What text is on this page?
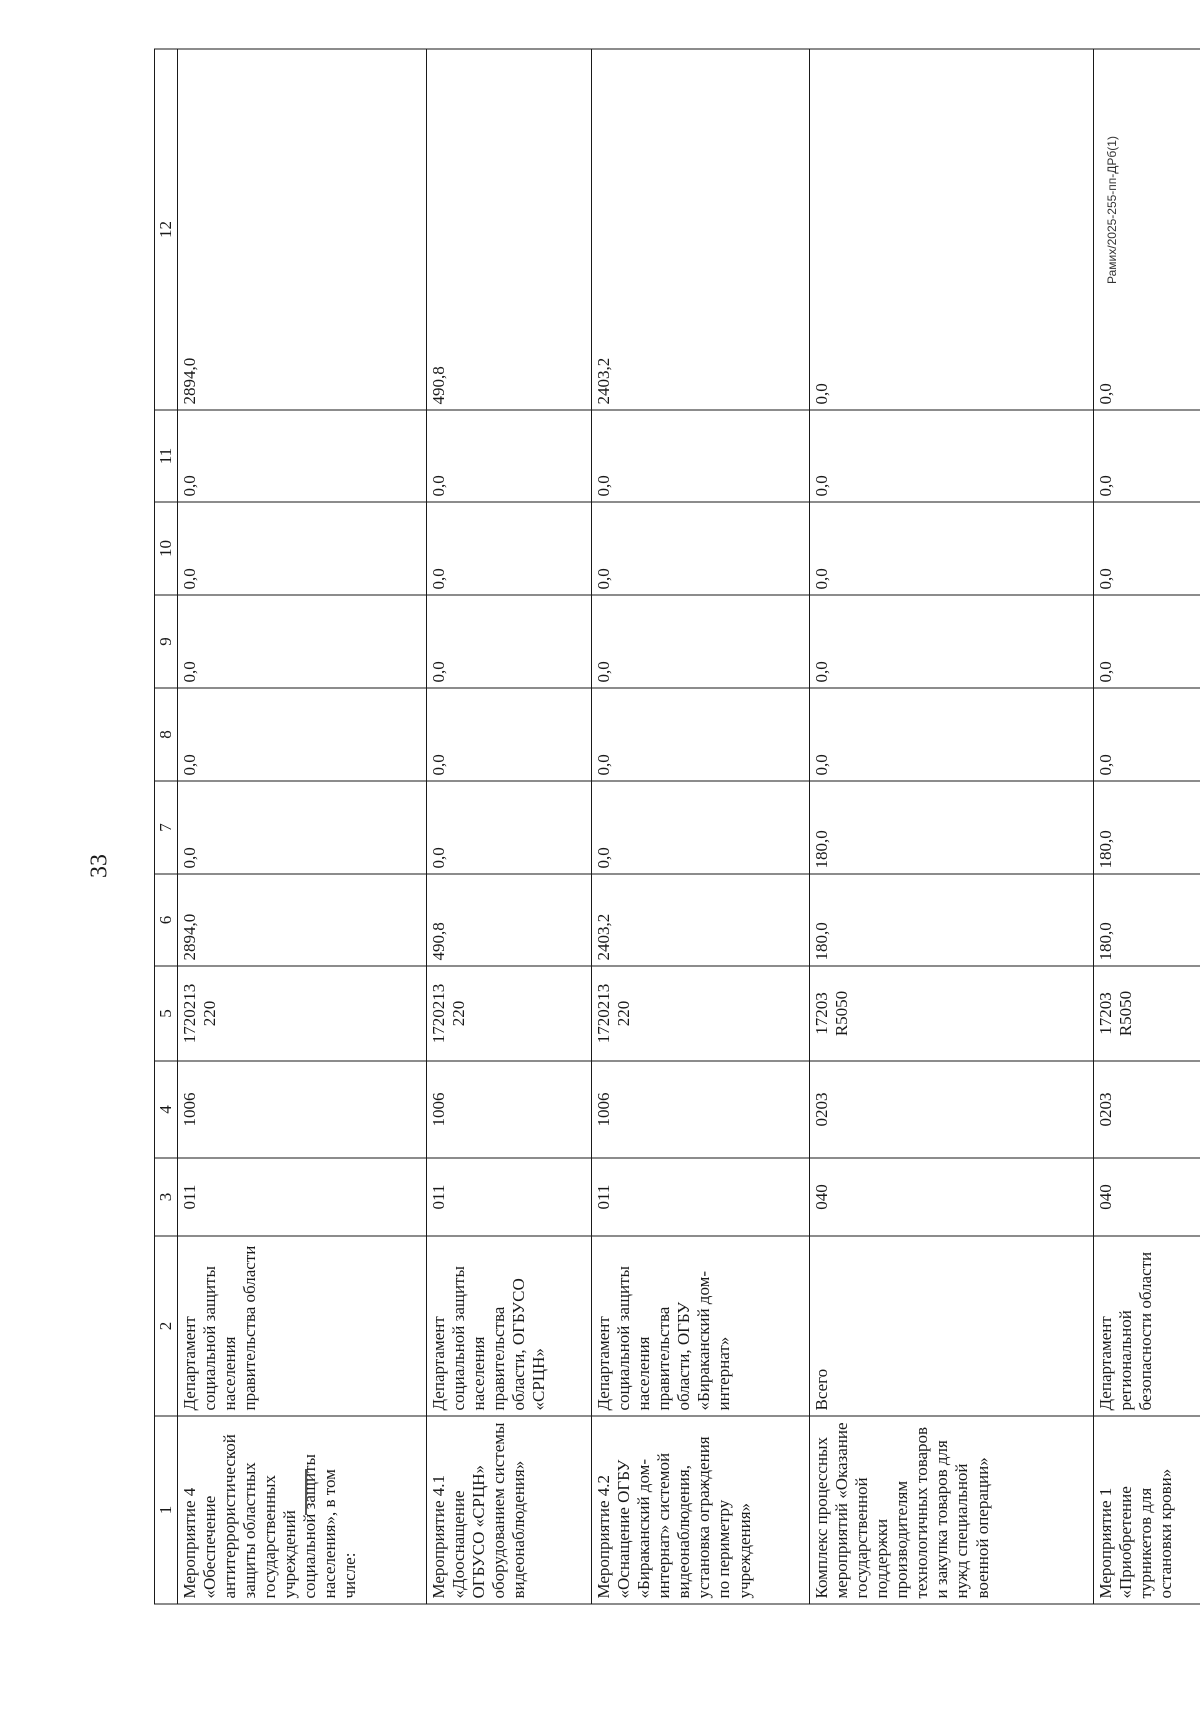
33
Рамих/2025-255-пп-ДРб(1)
1	2	3	4	5	6	7	8	9	10	11	12
Мероприятие 4 «Обеспечение антитеррористической защиты областных государственных учреждений социальной защиты населения», в том числе:	Департамент социальной защиты населения правительства области	011	1006	1720213 220	2894,0	0,0	0,0	0,0	0,0	0,0	2894,0
Мероприятие 4.1 «Дооснащение ОГБУСО «СРЦН» оборудованием системы видеонаблюдения»	Департамент социальной защиты населения правительства области, ОГБУСО «СРЦН»	011	1006	1720213 220	490,8	0,0	0,0	0,0	0,0	0,0	490,8
Мероприятие 4.2 «Оснащение ОГБУ «Бираканский дом-интернат» системой видеонаблюдения, установка ограждения по периметру учреждения»	Департамент социальной защиты населения правительства области, ОГБУ «Бираканский дом-интернат»	011	1006	1720213 220	2403,2	0,0	0,0	0,0	0,0	0,0	2403,2
Комплекс процессных мероприятий «Оказание государственной поддержки производителям технологичных товаров и закупка товаров для нужд специальной военной операции»	Всего	040	0203	17203 R5050	180,0	180,0	0,0	0,0	0,0	0,0	0,0
Мероприятие 1 «Приобретение турникетов для остановки крови»	Департамент региональной безопасности области	040	0203	17203 R5050	180,0	180,0	0,0	0,0	0,0	0,0	0,0
